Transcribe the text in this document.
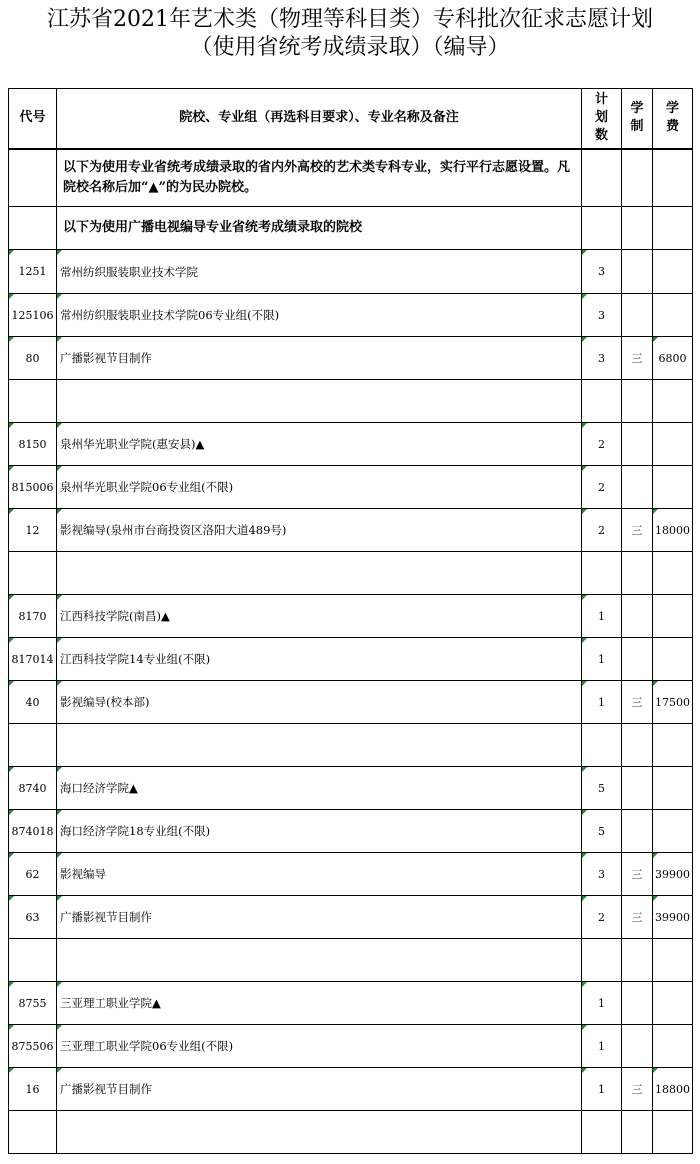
江苏省2021年艺术类（物理等科目类）专科批次征求志愿计划
（使用省统考成绩录取）（编导）
代号	院校、专业组（再选科目要求）、专业名称及备注	计划数	学制	学费
	以下为使用专业省统考成绩录取的省内外高校的艺术类专科专业，实行平行志愿设置。凡院校名称后加“▲”的为民办院校。			
	以下为使用广播电视编导专业省统考成绩录取的院校			
1251	常州纺织服装职业技术学院	3		
125106	常州纺织服装职业技术学院06专业组(不限)	3		
80	广播影视节目制作	3	三	6800

8150	泉州华光职业学院(惠安县)▲	2		
815006	泉州华光职业学院06专业组(不限)	2		
12	影视编导(泉州市台商投资区洛阳大道489号)	2	三	18000

8170	江西科技学院(南昌)▲	1		
817014	江西科技学院14专业组(不限)	1		
40	影视编导(校本部)	1	三	17500

8740	海口经济学院▲	5		
874018	海口经济学院18专业组(不限)	5		
62	影视编导	3	三	39900
63	广播影视节目制作	2	三	39900

8755	三亚理工职业学院▲	1		
875506	三亚理工职业学院06专业组(不限)	1		
16	广播影视节目制作	1	三	18800
